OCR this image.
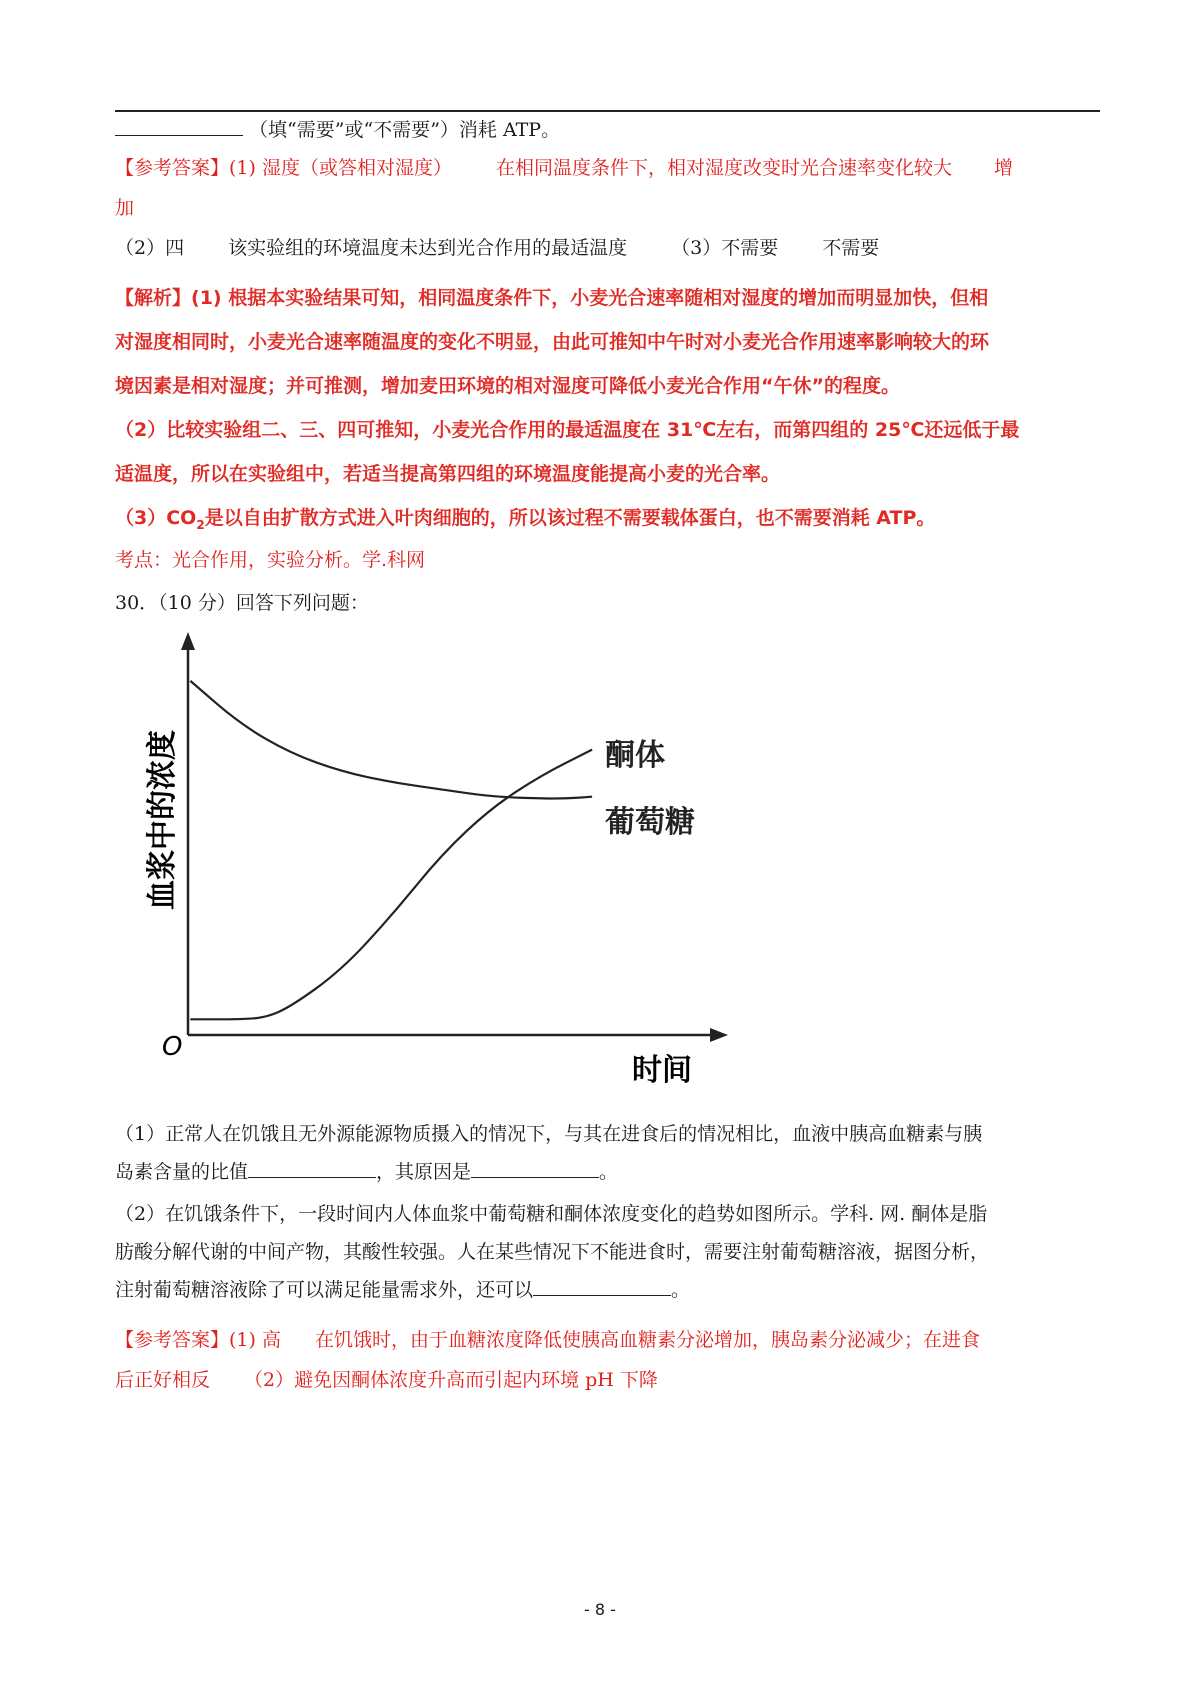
（填“需要”或“不需要”）消耗 ATP。
【参考答案】(1) 湿度（或答相对湿度） 在相同温度条件下，相对湿度改变时光合速率变化较大 增
加
（2）四 该实验组的环境温度未达到光合作用的最适温度 （3）不需要 不需要
【解析】(1) 根据本实验结果可知，相同温度条件下，小麦光合速率随相对湿度的增加而明显加快，但相
对湿度相同时，小麦光合速率随温度的变化不明显，由此可推知中午时对小麦光合作用速率影响较大的环
境因素是相对湿度；并可推测，增加麦田环境的相对湿度可降低小麦光合作用“午休”的程度。
（2）比较实验组二、三、四可推知，小麦光合作用的最适温度在 31℃左右，而第四组的 25℃还远低于最
适温度，所以在实验组中，若适当提高第四组的环境温度能提高小麦的光合率。
$(3)CO_2$是以自由扩散方式进入叶肉细胞的，所以该过程不需要载体蛋白，也不需要消耗 ATP。
考点：光合作用，实验分析。学.科网
30．（10 分）回答下列问题：
O
时间
血浆中的浓度	葡萄糖
酮体
（1）正常人在饥饿且无外源能源物质摄入的情况下，与其在进食后的情况相比，血液中胰高血糖素与胰
岛素含量的比值	，其原因是	。
（2）在饥饿条件下，一段时间内人体血浆中葡萄糖和酮体浓度变化的趋势如图所示。学科. 网. 酮体是脂
肪酸分解代谢的中间产物，其酸性较强。人在某些情况下不能进食时，需要注射葡萄糖溶液，据图分析，
注射葡萄糖溶液除了可以满足能量需求外，还可以	。
【参考答案】(1) 高 在饥饿时，由于血糖浓度降低使胰高血糖素分泌增加，胰岛素分泌减少；在进食
后正好相反 （2）避免因酮体浓度升高而引起内环境 pH 下降
- 8 -
